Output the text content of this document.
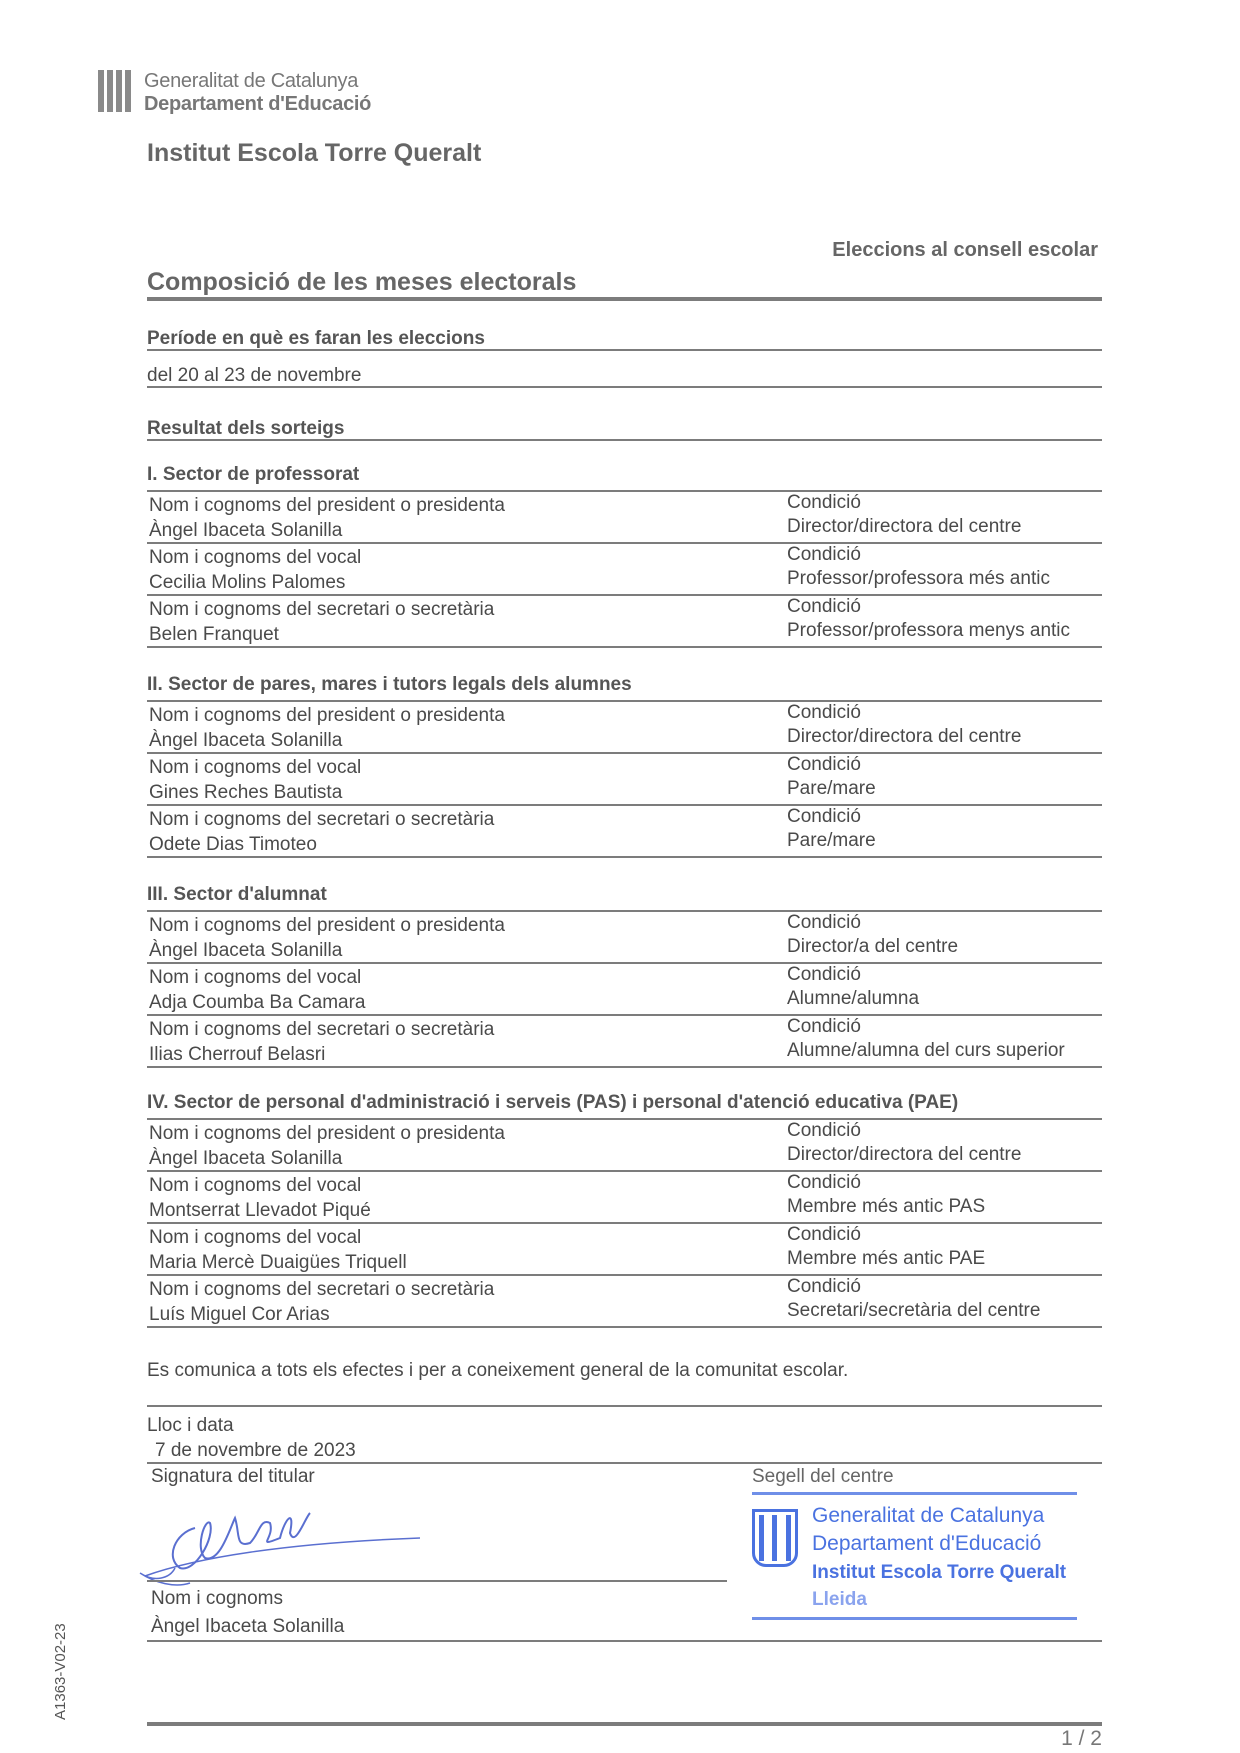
Generalitat de Catalunya
Departament d'Educació
Institut Escola Torre Queralt
Eleccions al consell escolar
Composició de les meses electorals
Període en què es faran les eleccions
del 20 al 23 de novembre
Resultat dels sorteigs
I. Sector de professorat
Nom i cognoms del president o presidenta
Àngel Ibaceta Solanilla
Condició
Director/directora del centre
Nom i cognoms del vocal
Cecilia Molins Palomes
Condició
Professor/professora més antic
Nom i cognoms del secretari o secretària
Belen Franquet
Condició
Professor/professora menys antic
II. Sector de pares, mares i tutors legals dels alumnes
Nom i cognoms del president o presidenta
Àngel Ibaceta Solanilla
Condició
Director/directora del centre
Nom i cognoms del vocal
Gines Reches Bautista
Condició
Pare/mare
Nom i cognoms del secretari o secretària
Odete Dias Timoteo
Condició
Pare/mare
III. Sector d'alumnat
Nom i cognoms del president o presidenta
Àngel Ibaceta Solanilla
Condició
Director/a del centre
Nom i cognoms del vocal
Adja Coumba Ba Camara
Condició
Alumne/alumna
Nom i cognoms del secretari o secretària
Ilias Cherrouf Belasri
Condició
Alumne/alumna del curs superior
IV. Sector de personal d'administració i serveis (PAS) i personal d'atenció educativa (PAE)
Nom i cognoms del president o presidenta
Àngel Ibaceta Solanilla
Condició
Director/directora del centre
Nom i cognoms del vocal
Montserrat Llevadot Piqué
Condició
Membre més antic PAS
Nom i cognoms del vocal
Maria Mercè Duaigües Triquell
Condició
Membre més antic PAE
Nom i cognoms del secretari o secretària
Luís Miguel Cor Arias
Condició
Secretari/secretària del centre
Es comunica a tots els efectes i per a coneixement general de la comunitat escolar.
Lloc i data
7 de novembre de 2023
Signatura del titular	Segell del centre
Generalitat de Catalunya
Departament d'Educació
Institut Escola Torre Queralt
Lleida
Nom i cognoms
Àngel Ibaceta Solanilla
A1363-V02-23
1 / 2
